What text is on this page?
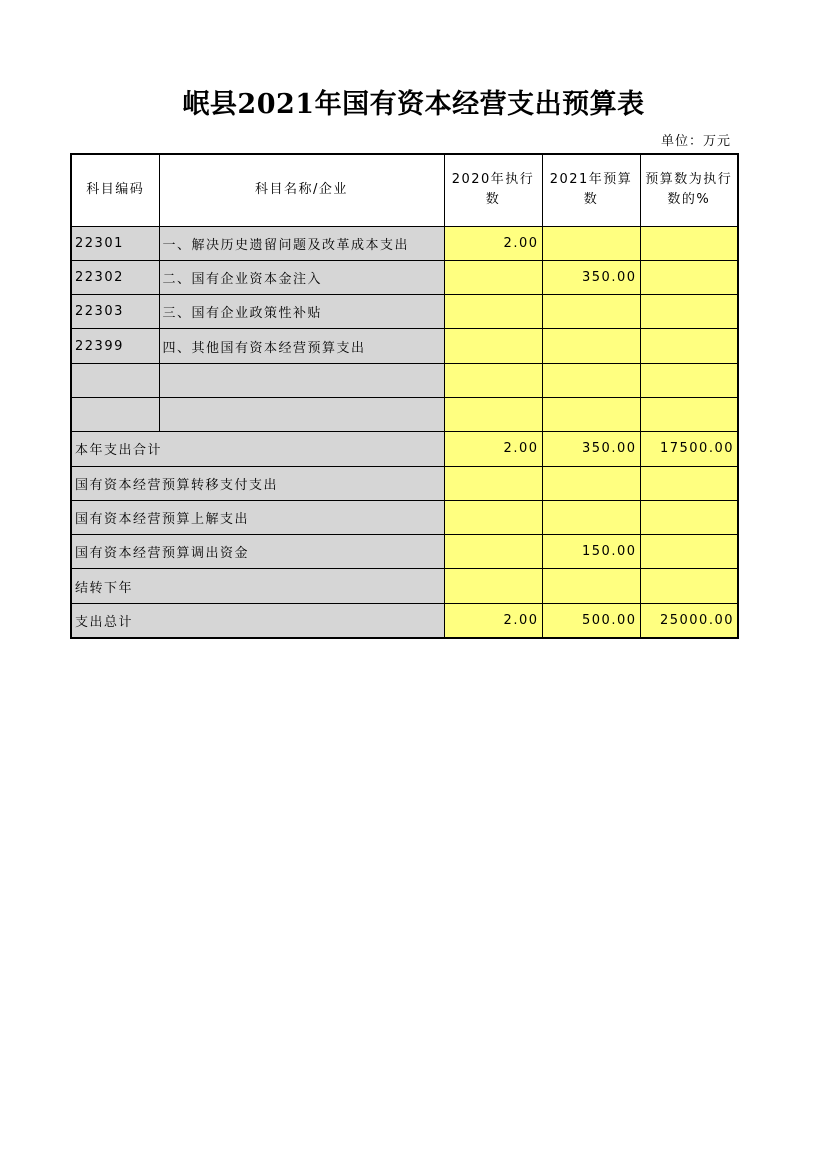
岷县2021年国有资本经营支出预算表
单位：万元
科目编码	科目名称/企业	2020年执行数	2021年预算数	预算数为执行数的%
22301	一、解决历史遗留问题及改革成本支出	2.00		
22302	二、国有企业资本金注入		350.00	
22303	三、国有企业政策性补贴			
22399	四、其他国有资本经营预算支出			

本年支出合计		2.00	350.00	17500.00
国有资本经营预算转移支付支出				
国有资本经营预算上解支出				
国有资本经营预算调出资金			150.00	
结转下年				
支出总计		2.00	500.00	25000.00
